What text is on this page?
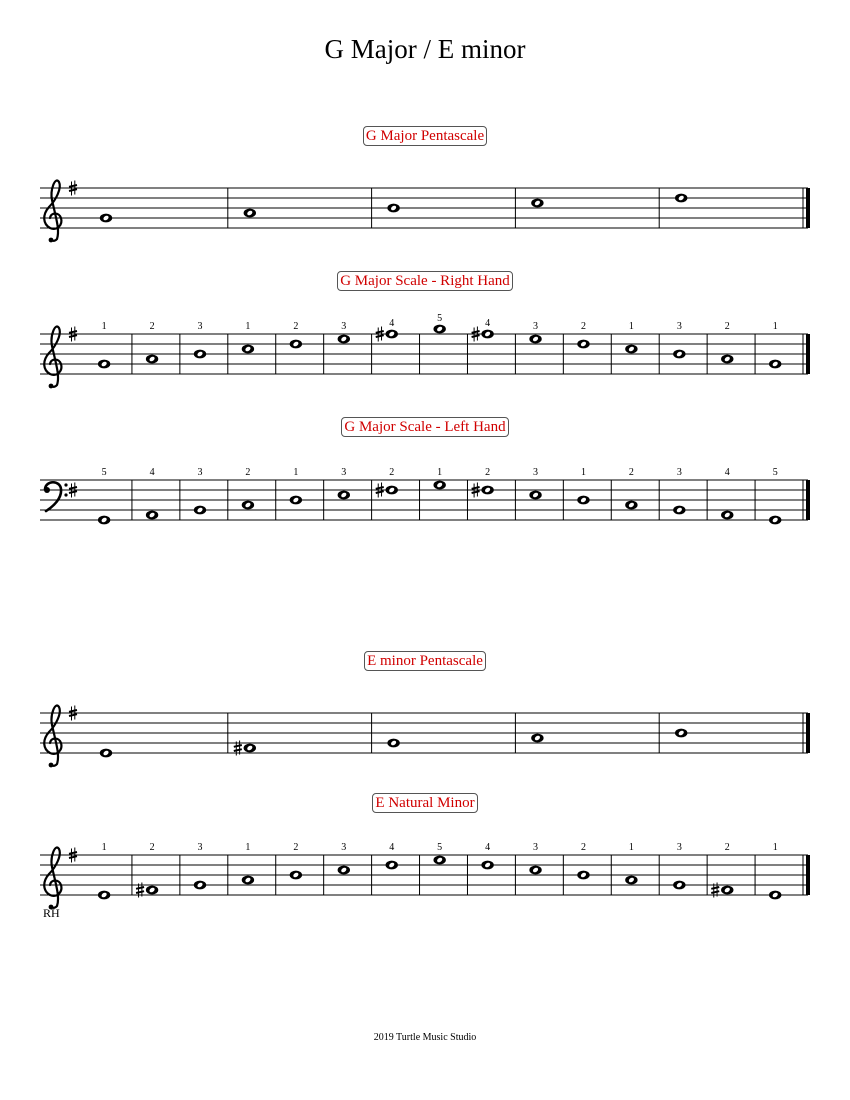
G Major / E minor
G Major Pentascale
G Major Scale - Right Hand
1	2	3	1	2	3	4	5	4	3	2	1	3	2	1
G Major Scale - Left Hand
5	4	3	2	1	3	2	1	2	3	1	2	3	4	5
E minor Pentascale
E Natural Minor
1	2	3	1	2	3	4	5	4	3	2	1	3	2	1
RH
2019 Turtle Music Studio
